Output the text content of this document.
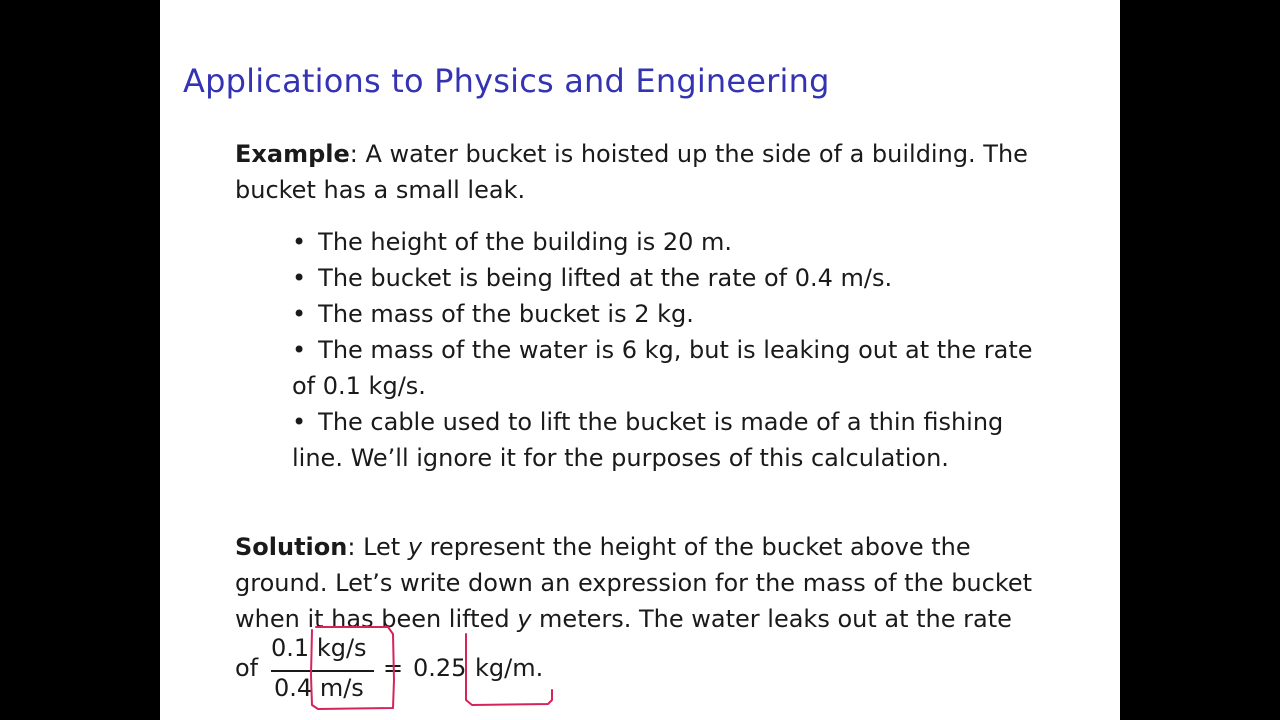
Applications to Physics and Engineering
Example: A water bucket is hoisted up the side of a building. The
bucket has a small leak.
• The height of the building is 20 m.
• The bucket is being lifted at the rate of 0.4 m/s.
• The mass of the bucket is 2 kg.
• The mass of the water is 6 kg, but is leaking out at the rate
of 0.1 kg/s.
• The cable used to lift the bucket is made of a thin fishing
line. We’ll ignore it for the purposes of this calculation.
Solution: Let y represent the height of the bucket above the
ground. Let’s write down an expression for the mass of the bucket
when it has been lifted y meters. The water leaks out at the rate
of
0.1 kg/s
0.4 m/s
= 0.25 kg/m.
